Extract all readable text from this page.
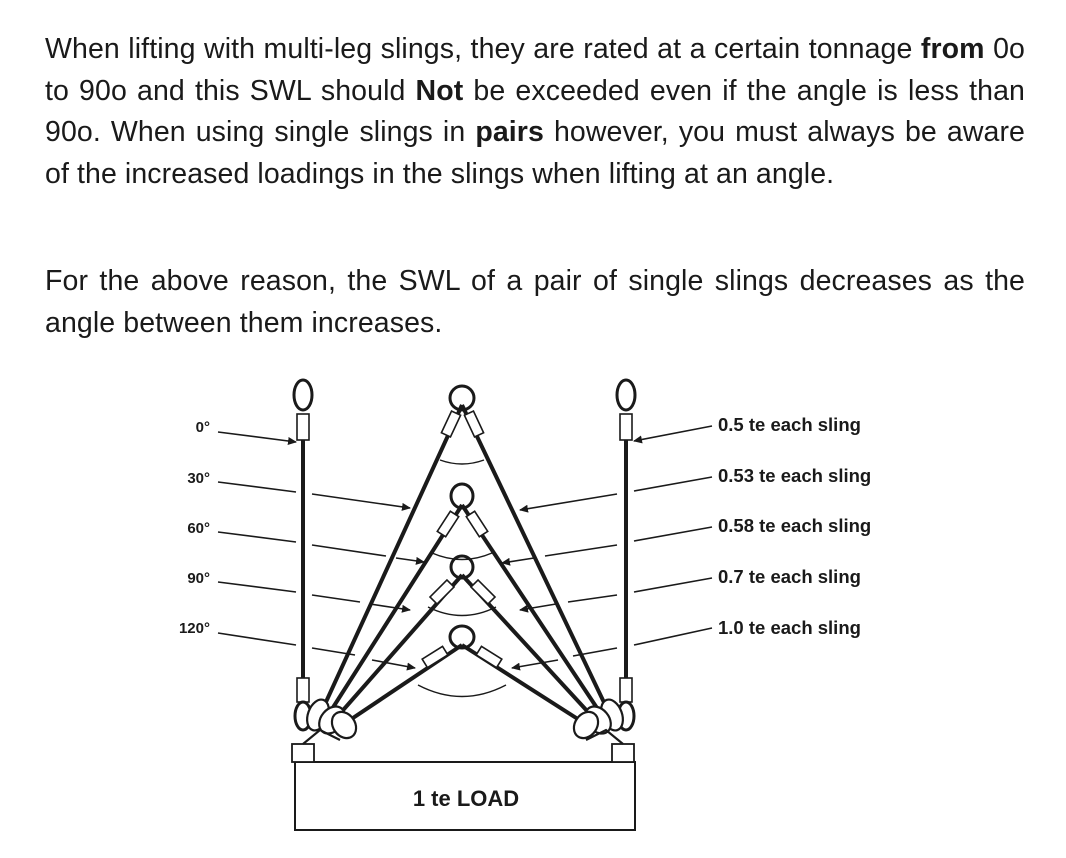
When lifting with multi-leg slings, they are rated at a certain tonnage from 0o to 90o and this SWL should Not be exceeded even if the angle is less than 90o. When using single slings in pairs however, you must always be aware of the increased loadings in the slings when lifting at an angle.

For the above reason, the SWL of a pair of single slings decreases as the angle between them increases.

0°
30°
60°
90°
120°
0.5 te each sling
0.53 te each sling
0.58 te each sling
0.7 te each sling
1.0 te each sling
1 te LOAD
